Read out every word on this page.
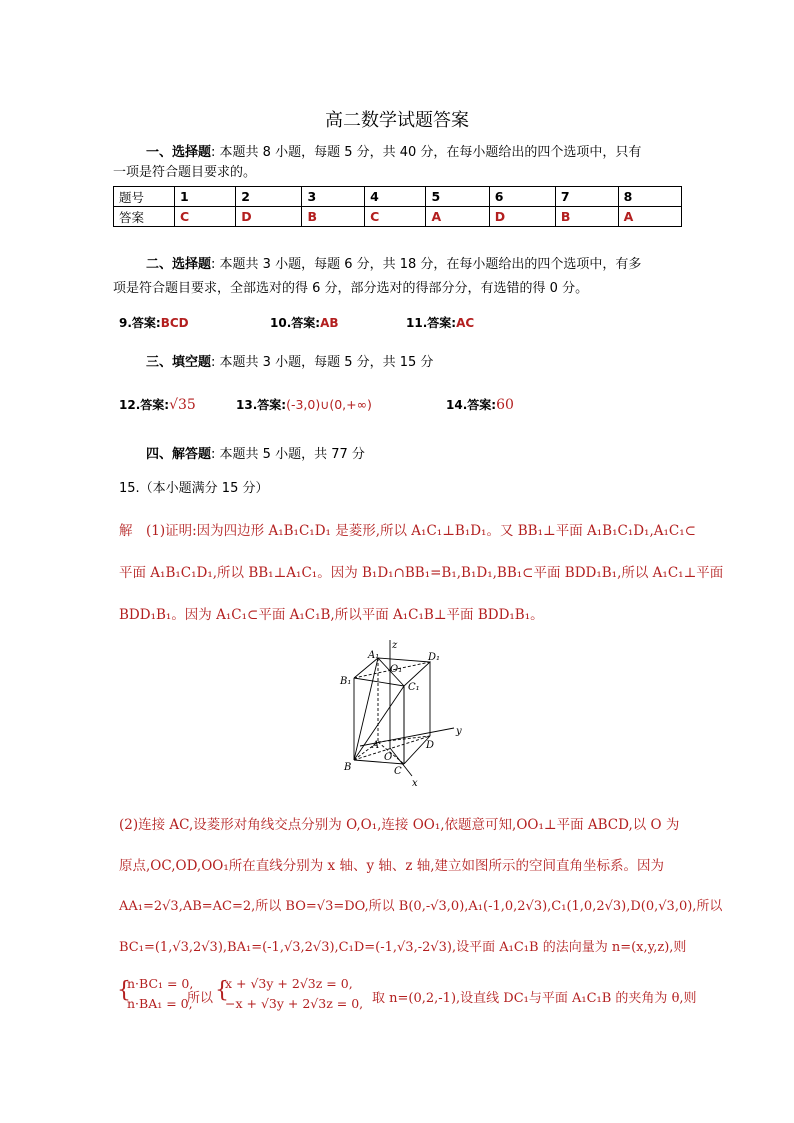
高二数学试题答案
一、选择题: 本题共 8 小题，每题 5 分，共 40 分，在每小题给出的四个选项中，只有
一项是符合题目要求的。
题号	1	2	3	4	5	6	7	8
答案	C	D	B	C	A	D	B	A
二、选择题: 本题共 3 小题，每题 6 分，共 18 分，在每小题给出的四个选项中，有多
项是符合题目要求，全部选对的得 6 分，部分选对的得部分分，有选错的得 0 分。
9.答案:BCD	10.答案:AB	11.答案:AC
三、填空题: 本题共 3 小题，每题 5 分，共 15 分
12.答案:√35	13.答案:(-3,0)∪(0,+∞)	14.答案:60
四、解答题: 本题共 5 小题，共 77 分
15.（本小题满分 15 分）
解　(1)证明:因为四边形 A₁B₁C₁D₁ 是菱形,所以 A₁C₁⊥B₁D₁。又 BB₁⊥平面 A₁B₁C₁D₁,A₁C₁⊂
平面 A₁B₁C₁D₁,所以 BB₁⊥A₁C₁。因为 B₁D₁∩BB₁=B₁,B₁D₁,BB₁⊂平面 BDD₁B₁,所以 A₁C₁⊥平面
BDD₁B₁。因为 A₁C₁⊂平面 A₁C₁B,所以平面 A₁C₁B⊥平面 BDD₁B₁。
z
y
x
A₁
O₁
D₁
B₁
C₁
A
O
D
B	C
(2)连接 AC,设菱形对角线交点分别为 O,O₁,连接 OO₁,依题意可知,OO₁⊥平面 ABCD,以 O 为
原点,OC,OD,OO₁所在直线分别为 x 轴、y 轴、z 轴,建立如图所示的空间直角坐标系。因为
AA₁=2√3,AB=AC=2,所以 BO=√3=DO,所以 B(0,-√3,0),A₁(-1,0,2√3),C₁(1,0,2√3),D(0,√3,0),所以
BC₁=(1,√3,2√3),BA₁=(-1,√3,2√3),C₁D=(-1,√3,-2√3),设平面 A₁C₁B 的法向量为 n=(x,y,z),则
{
n·BC₁ = 0,
n·BA₁ = 0,
所以 {
x + √3y + 2√3z = 0,
−x + √3y + 2√3z = 0, 取 n=(0,2,-1),设直线 DC₁与平面 A₁C₁B 的夹角为 θ,则
